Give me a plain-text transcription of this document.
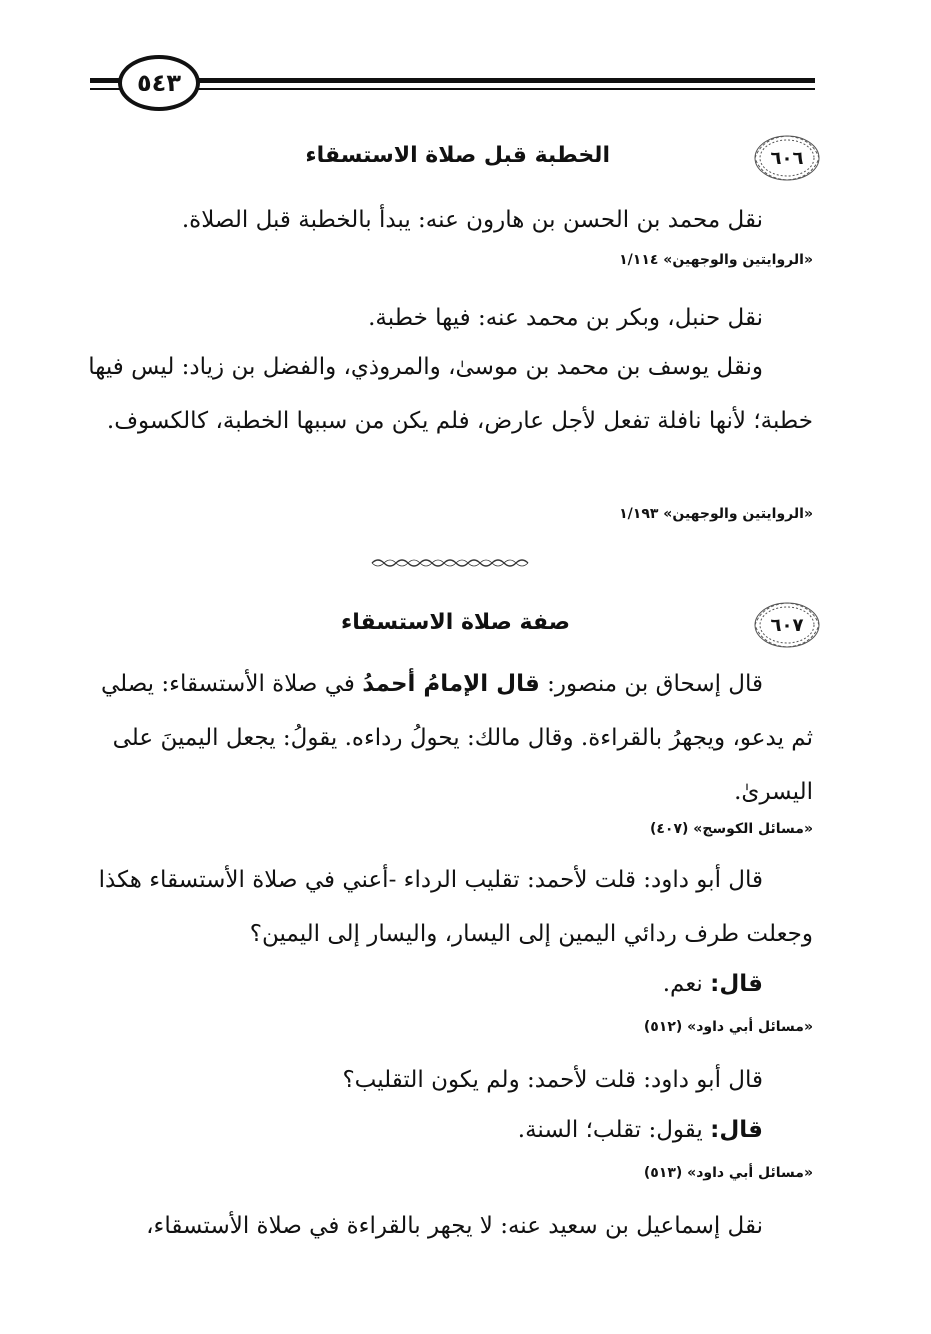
٥٤٣
٦٠٦
الخطبة قبل صلاة الاستسقاء
نقل محمد بن الحسن بن هارون عنه: يبدأ بالخطبة قبل الصلاة.
«الروايتين والوجهين» ١/١١٤
نقل حنبل، وبكر بن محمد عنه: فيها خطبة.
ونقل يوسف بن محمد بن موسىٰ، والمروذي، والفضل بن زياد: ليس فيها خطبة؛ لأنها نافلة تفعل لأجل عارض، فلم يكن من سببها الخطبة، كالكسوف.
«الروايتين والوجهين» ١/١٩٣
٦٠٧
صفة صلاة الاستسقاء
قال إسحاق بن منصور: قال الإمامُ أحمدُ في صلاة الأستسقاء: يصلي ثم يدعو، ويجهرُ بالقراءة. وقال مالك: يحولُ رداءه. يقولُ: يجعل اليمينَ على اليسرىٰ.
«مسائل الكوسج» (٤٠٧)
قال أبو داود: قلت لأحمد: تقليب الرداء -أعني في صلاة الأستسقاء هكذا وجعلت طرف ردائي اليمين إلى اليسار، واليسار إلى اليمين؟
قال: نعم.
«مسائل أبي داود» (٥١٢)
قال أبو داود: قلت لأحمد: ولم يكون التقليب؟
قال: يقول: تقلب؛ السنة.
«مسائل أبي داود» (٥١٣)
نقل إسماعيل بن سعيد عنه: لا يجهر بالقراءة في صلاة الأستسقاء،
